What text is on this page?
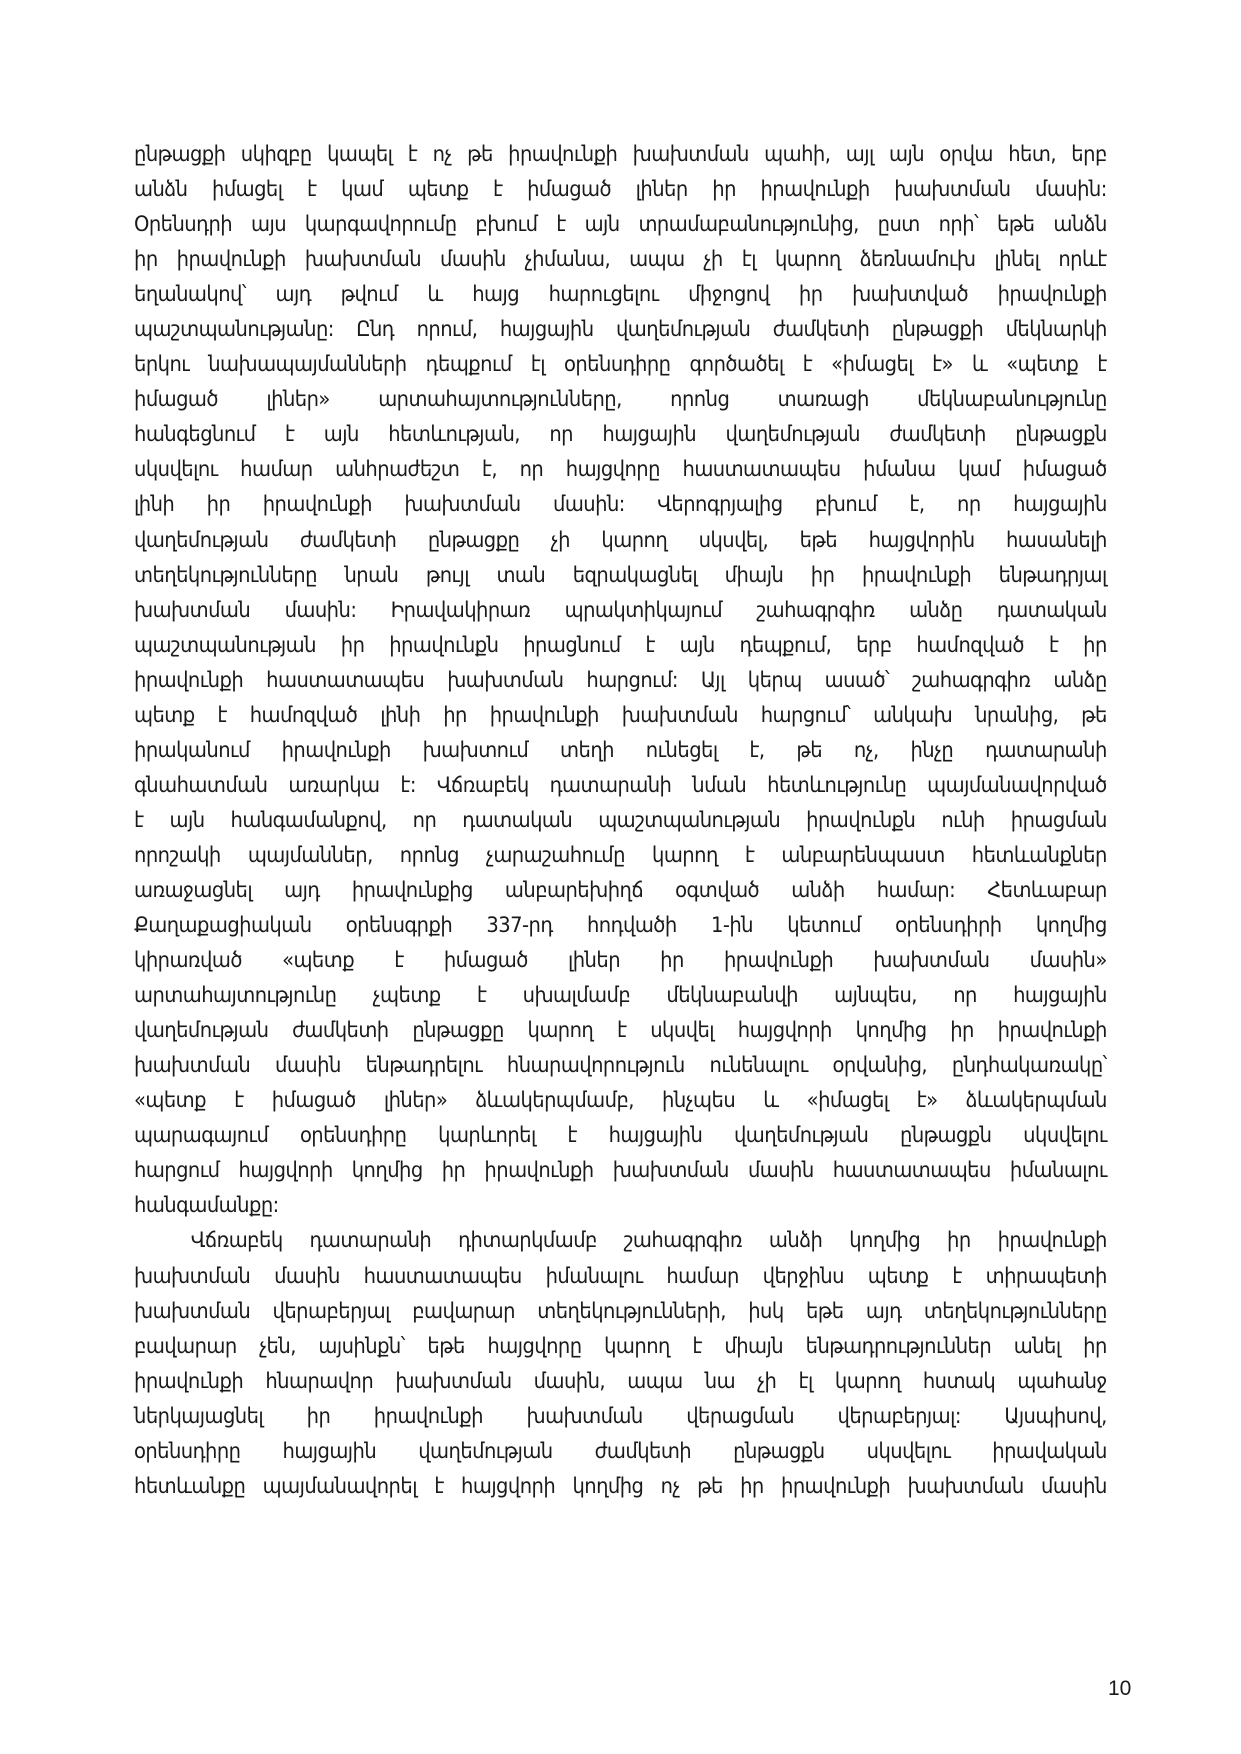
ընթացքի սկիզբը կապել է ոչ թե իրավունքի խախտման պահի, այլ այն օրվա հետ, երբ
անձն իմացել է կամ պետք է իմացած լիներ իր իրավունքի խախտման մասին:
Օրենսդրի այս կարգավորումը բխում է այն տրամաբանությունից, ըստ որի՝ եթե անձն
իր իրավունքի խախտման մասին չիմանա, ապա չի էլ կարող ձեռնամուխ լինել որևէ
եղանակով՝ այդ թվում և հայց հարուցելու միջոցով իր խախտված իրավունքի
պաշտպանությանը: Ընդ որում, հայցային վաղեմության ժամկետի ընթացքի մեկնարկի
երկու նախապայմանների դեպքում էլ օրենսդիրը գործածել է «իմացել է» և «պետք է
իմացած լիներ» արտահայտությունները, որոնց տառացի մեկնաբանությունը
հանգեցնում է այն հետևության, որ հայցային վաղեմության ժամկետի ընթացքն
սկսվելու համար անհրաժեշտ է, որ հայցվորը հաստատապես իմանա կամ իմացած
լինի իր իրավունքի խախտման մասին: Վերոգրյալից բխում է, որ հայցային
վաղեմության ժամկետի ընթացքը չի կարող սկսվել, եթե հայցվորին հասանելի
տեղեկությունները նրան թույլ տան եզրակացնել միայն իր իրավունքի ենթադրյալ
խախտման մասին: Իրավակիրառ պրակտիկայում շահագրգիռ անձը դատական
պաշտպանության իր իրավունքն իրացնում է այն դեպքում, երբ համոզված է իր
իրավունքի հաստատապես խախտման հարցում: Այլ կերպ ասած՝ շահագրգիռ անձը
պետք է համոզված լինի իր իրավունքի խախտման հարցում՝ անկախ նրանից, թե
իրականում իրավունքի խախտում տեղի ունեցել է, թե ոչ, ինչը դատարանի
գնահատման առարկա է: Վճռաբեկ դատարանի նման հետևությունը պայմանավորված
է այն հանգամանքով, որ դատական պաշտպանության իրավունքն ունի իրացման
որոշակի պայմաններ, որոնց չարաշահումը կարող է անբարենպաստ հետևանքներ
առաջացնել այդ իրավունքից անբարեխիղճ օգտված անձի համար: Հետևաբար
Քաղաքացիական օրենսգրքի 337-րդ հոդվածի 1-ին կետում օրենսդիրի կողմից
կիրառված «պետք է իմացած լիներ իր իրավունքի խախտման մասին»
արտահայտությունը չպետք է սխալմամբ մեկնաբանվի այնպես, որ հայցային
վաղեմության ժամկետի ընթացքը կարող է սկսվել հայցվորի կողմից իր իրավունքի
խախտման մասին ենթադրելու հնարավորություն ունենալու օրվանից, ընդհակառակը՝
«պետք է իմացած լիներ» ձևակերպմամբ, ինչպես և «իմացել է» ձևակերպման
պարագայում օրենսդիրը կարևորել է հայցային վաղեմության ընթացքն սկսվելու
հարցում հայցվորի կողմից իր իրավունքի խախտման մասին հաստատապես իմանալու
հանգամանքը:
Վճռաբեկ դատարանի դիտարկմամբ շահագրգիռ անձի կողմից իր իրավունքի
խախտման մասին հաստատապես իմանալու համար վերջինս պետք է տիրապետի
խախտման վերաբերյալ բավարար տեղեկությունների, իսկ եթե այդ տեղեկությունները
բավարար չեն, այսինքն՝ եթե հայցվորը կարող է միայն ենթադրություններ անել իր
իրավունքի հնարավոր խախտման մասին, ապա նա չի էլ կարող հստակ պահանջ
ներկայացնել իր իրավունքի խախտման վերացման վերաբերյալ: Այսպիսով,
օրենսդիրը հայցային վաղեմության ժամկետի ընթացքն սկսվելու իրավական
հետևանքը պայմանավորել է հայցվորի կողմից ոչ թե իր իրավունքի խախտման մասին
10
